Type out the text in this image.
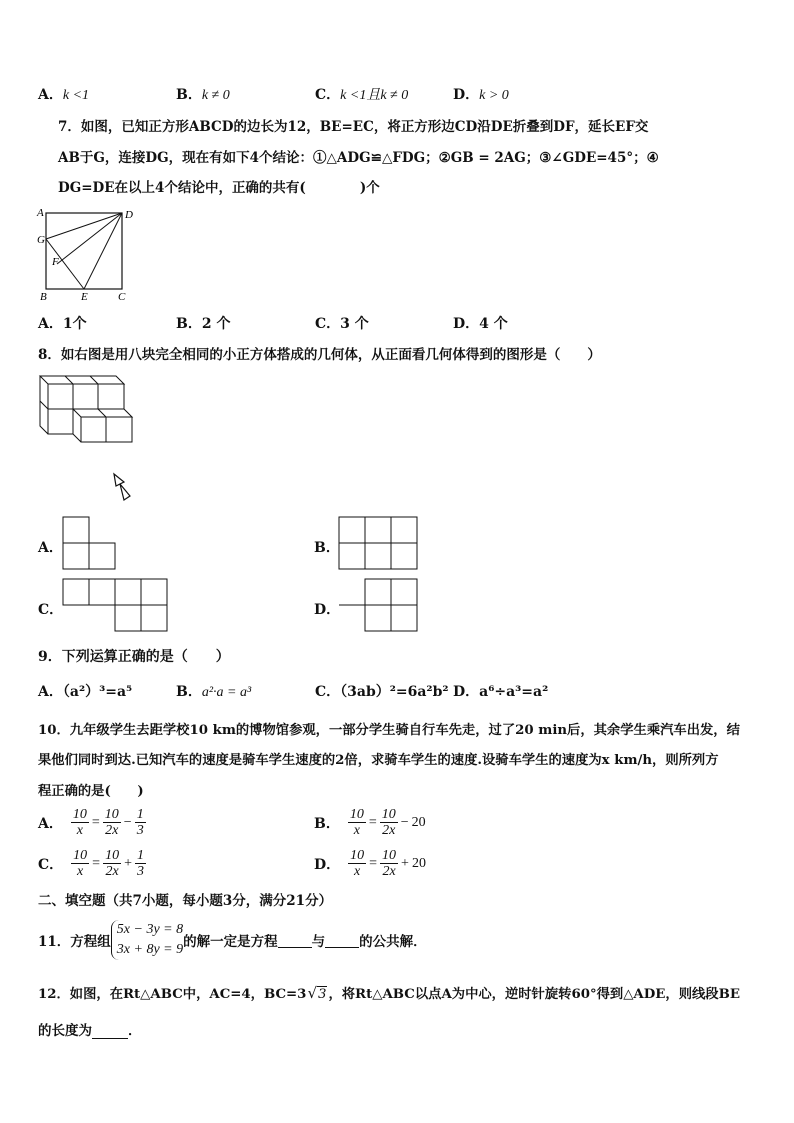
A．k <1	B．k ≠ 0	C．k <1且k ≠ 0	D．k > 0
7．如图，已知正方形ABCD的边长为12，BE=EC，将正方形边CD沿DE折叠到DF，延长EF交
AB于G，连接DG，现在有如下4个结论：①△ADG≌△FDG；②GB = 2AG；③∠GDE=45°；④
DG=DE在以上4个结论中，正确的共有(　　　　)个
A	D
G
F
B	E	C
A．1个	B．2 个	C．3 个	D．4 个
8．如右图是用八块完全相同的小正方体搭成的几何体，从正面看几何体得到的图形是（　　）
A．	B．
C．	D．
9．下列运算正确的是（　　）
A．（a²）³=a⁵	B．a²·a = a³	C．（3ab）²=6a²b² D．a⁶÷a³=a²
10．九年级学生去距学校10 km的博物馆参观，一部分学生骑自行车先走，过了20 min后，其余学生乘汽车出发，结
果他们同时到达.已知汽车的速度是骑车学生速度的2倍，求骑车学生的速度.设骑车学生的速度为x km/h，则所列方
程正确的是(　　)
A． $\frac{10}{x} = \frac{10}{2x} - \frac{1}{3}$	B． $\frac{10}{x} = \frac{10}{2x} - 20$
C． $\frac{10}{x} = \frac{10}{2x} + \frac{1}{3}$	D． $\frac{10}{x} = \frac{10}{2x} + 20$
二、填空题（共7小题，每小题3分，满分21分）
11．方程组
5x − 3y = 8
3x + 8y = 9 的解一定是方程	与	的公共解．
12．如图，在Rt△ABC中，AC=4，BC=3 √ 3 ，将Rt△ABC以点A为中心，逆时针旋转60°得到△ADE，则线段BE
的长度为	．
